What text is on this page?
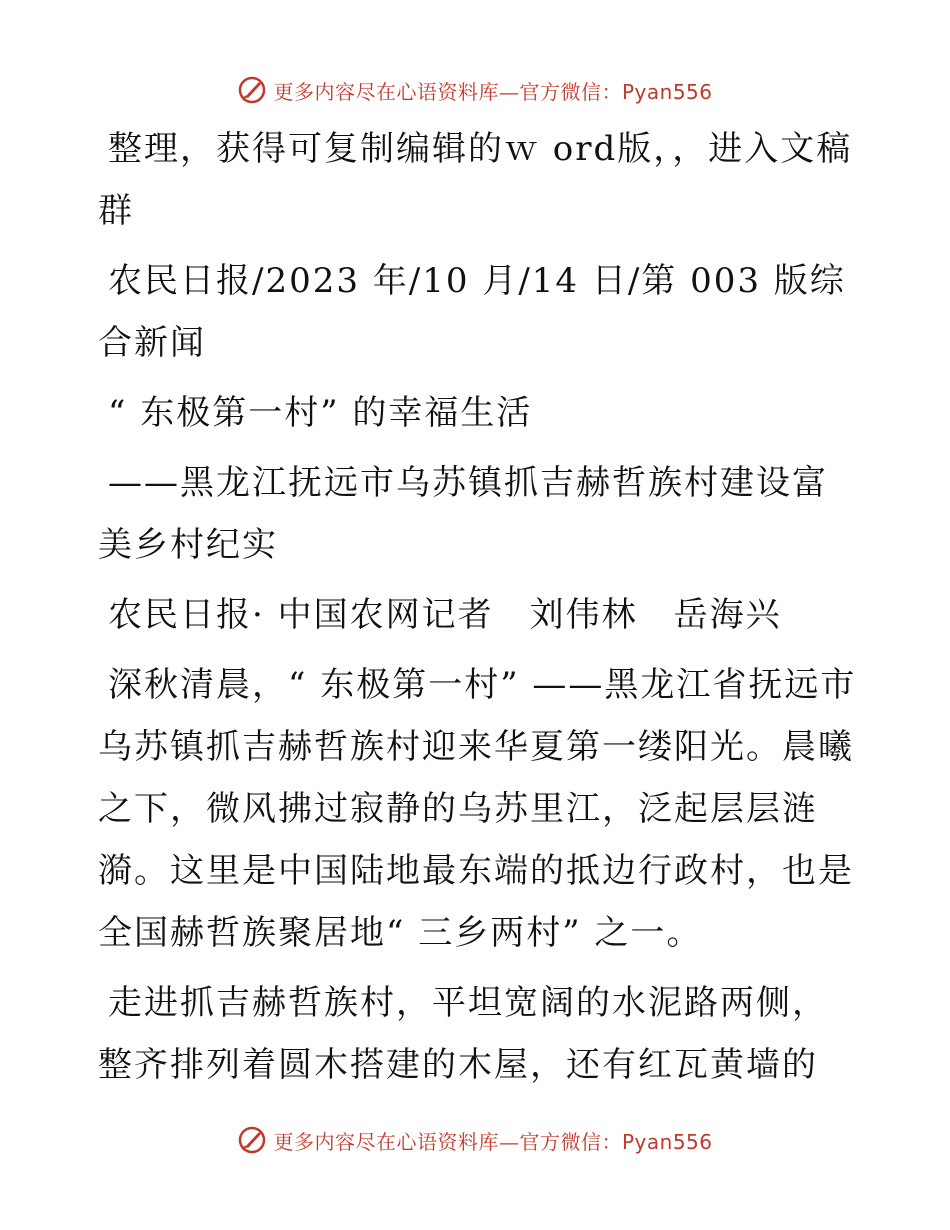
更多内容尽在心语资料库—官方微信：Pyan556

整理，获得可复制编辑的ｗ ord版，，进入文稿群

农民日报/2023 年/10 月/14 日/第 003 版综合新闻

“ 东极第一村” 的幸福生活

——黑龙江抚远市乌苏镇抓吉赫哲族村建设富美乡村纪实

农民日报· 中国农网记者　刘伟林　岳海兴

深秋清晨，“ 东极第一村” ——黑龙江省抚远市乌苏镇抓吉赫哲族村迎来华夏第一缕阳光。晨曦之下，微风拂过寂静的乌苏里江，泛起层层涟漪。这里是中国陆地最东端的抵边行政村，也是全国赫哲族聚居地“ 三乡两村” 之一。

走进抓吉赫哲族村，平坦宽阔的水泥路两侧，整齐排列着圆木搭建的木屋，还有红瓦黄墙的

更多内容尽在心语资料库—官方微信：Pyan556
